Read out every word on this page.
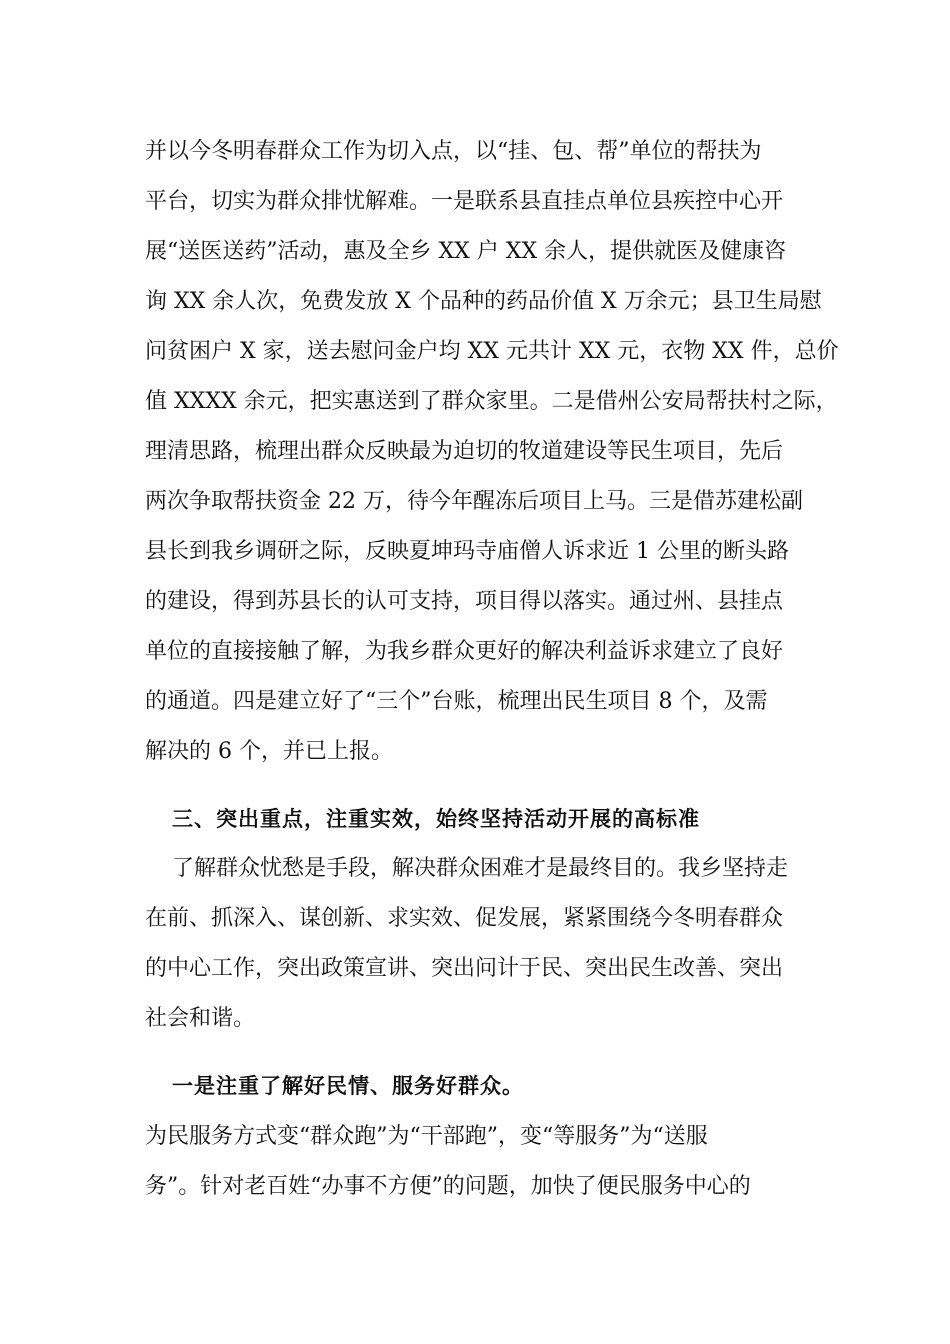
并以今冬明春群众工作为切入点，以“挂、包、帮”单位的帮扶为
平台，切实为群众排忧解难。一是联系县直挂点单位县疾控中心开
展“送医送药”活动，惠及全乡 XX 户 XX 余人，提供就医及健康咨
询 XX 余人次，免费发放 X 个品种的药品价值 X 万余元；县卫生局慰
问贫困户 X 家，送去慰问金户均 XX 元共计 XX 元，衣物 XX 件，总价
值 XXXX 余元，把实惠送到了群众家里。二是借州公安局帮扶村之际，
理清思路，梳理出群众反映最为迫切的牧道建设等民生项目，先后
两次争取帮扶资金 22 万，待今年醒冻后项目上马。三是借苏建松副
县长到我乡调研之际，反映夏坤玛寺庙僧人诉求近 1 公里的断头路
的建设，得到苏县长的认可支持，项目得以落实。通过州、县挂点
单位的直接接触了解，为我乡群众更好的解决利益诉求建立了良好
的通道。四是建立好了“三个”台账，梳理出民生项目 8 个，及需
解决的 6 个，并已上报。
三、突出重点，注重实效，始终坚持活动开展的高标准
了解群众忧愁是手段，解决群众困难才是最终目的。我乡坚持走
在前、抓深入、谋创新、求实效、促发展，紧紧围绕今冬明春群众
的中心工作，突出政策宣讲、突出问计于民、突出民生改善、突出
社会和谐。
一是注重了解好民情、服务好群众。
为民服务方式变“群众跑”为“干部跑”，变“等服务”为“送服
务”。针对老百姓“办事不方便”的问题，加快了便民服务中心的
